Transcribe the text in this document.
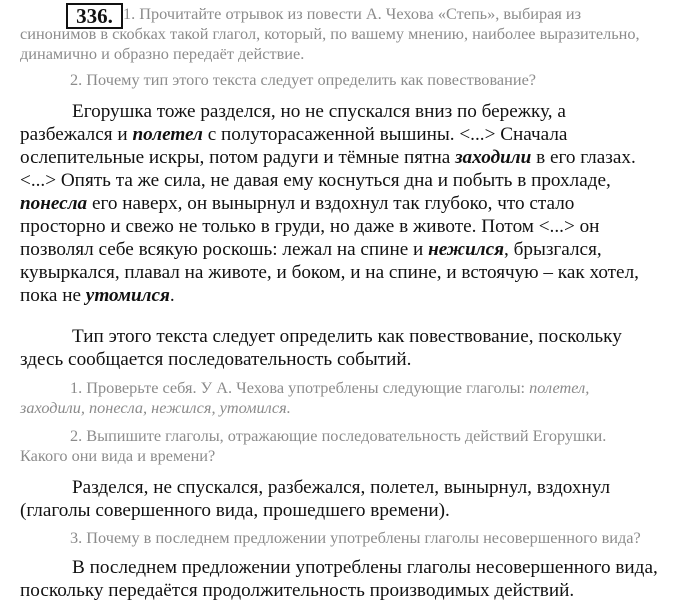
336. 1. Прочитайте отрывок из повести А. Чехова «Степь», выбирая из
синонимов в скобках такой глагол, который, по вашему мнению, наиболее выразительно,
динамично и образно передаёт действие.
2. Почему тип этого текста следует определить как повествование?
Егорушка тоже разделся, но не спускался вниз по бережку, а
разбежался и полетел с полуторасаженной вышины. <...> Сначала
ослепительные искры, потом радуги и тёмные пятна заходили в его глазах.
<...> Опять та же сила, не давая ему коснуться дна и побыть в прохладе,
понесла его наверх, он вынырнул и вздохнул так глубоко, что стало
просторно и свежо не только в груди, но даже в животе. Потом <...> он
позволял себе всякую роскошь: лежал на спине и нежился, брызгался,
кувыркался, плавал на животе, и боком, и на спине, и встоячую – как хотел,
пока не утомился.
Тип этого текста следует определить как повествование, поскольку
здесь сообщается последовательность событий.
1. Проверьте себя. У А. Чехова употреблены следующие глаголы: полетел,
заходили, понесла, нежился, утомился.
2. Выпишите глаголы, отражающие последовательность действий Егорушки.
Какого они вида и времени?
Разделся, не спускался, разбежался, полетел, вынырнул, вздохнул
(глаголы совершенного вида, прошедшего времени).
3. Почему в последнем предложении употреблены глаголы несовершенного вида?
В последнем предложении употреблены глаголы несовершенного вида,
поскольку передаётся продолжительность производимых действий.
